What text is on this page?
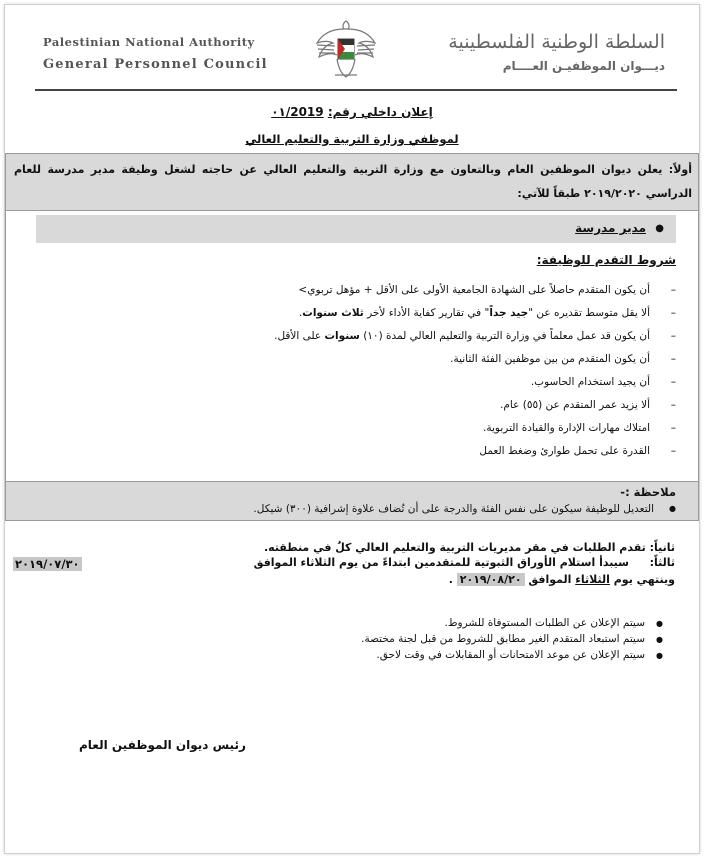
Palestinian National Authority
General Personnel Council
السلطة الوطنية الفلسطينية
ديـــوان الموظفيـن العــــام
إعلان داخلي رقم: ٠١/2019
لموظفي وزارة التربية والتعليم العالي
أولاً: يعلن ديوان الموظفين العام وبالتعاون مع وزارة التربية والتعليم العالي عن حاجته لشغل وظيفة مدير مدرسة للعام الدراسي ٢٠١٩/٢٠٢٠ طبقاً للآتي:
●
مدير مدرسة
شروط التقدم للوظيفة:
–
أن يكون المتقدم حاصلاً على الشهادة الجامعية الأولى على الأقل + مؤهل تربوي>
–
ألا يقل متوسط تقديره عن "جيد جداً" في تقارير كفاية الأداء لأخر ثلاث سنوات.
–
أن يكون قد عمل معلماً في وزارة التربية والتعليم العالي لمدة (١٠) سنوات على الأقل.
–
أن يكون المتقدم من بين موظفين الفئة الثانية.
–
أن يجيد استخدام الحاسوب.
–
ألا يزيد عمر المتقدم عن (٥٥) عام.
–
امتلاك مهارات الإدارة والقيادة التربوية.
–
القدرة على تحمل طوارئ وضغط العمل
ملاحظة :-
●
التعديل للوظيفة سيكون على نفس الفئة والدرجة على أن تُضاف علاوة إشرافية (٣٠٠) شيكل.
ثانياً: تقدم الطلبات في مقر مديريات التربية والتعليم العالي كلٌ في منطقته.
ثالثاً:
سيبدأ استلام الأوراق الثبوتية للمتقدمين ابتداءً من يوم الثلاثاء الموافق
٢٠١٩/٠٧/٣٠
وينتهي يوم الثلاثاء الموافق ٢٠١٩/٠٨/٢٠ .
●
سيتم الإعلان عن الطلبات المستوفاة للشروط.
●
سيتم استبعاد المتقدم الغير مطابق للشروط من قبل لجنة مختصة.
●
سيتم الإعلان عن موعد الامتحانات أو المقابلات في وقت لاحق.
رئيس ديوان الموظفين العام
